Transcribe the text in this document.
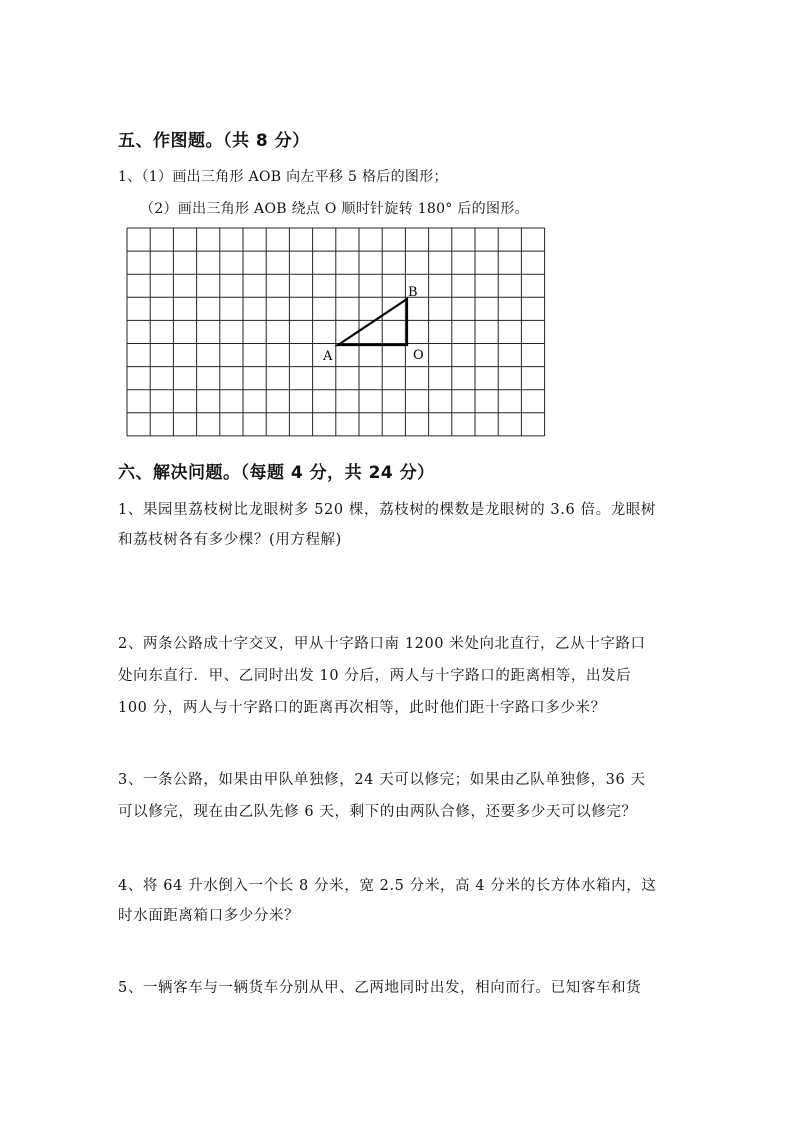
五、作图题。（共 8 分）
1、（1）画出三角形 AOB 向左平移 5 格后的图形；
（2）画出三角形 AOB 绕点 O 顺时针旋转 180° 后的图形。
A
B
O
六、解决问题。（每题 4 分，共 24 分）
1、果园里荔枝树比龙眼树多 520 棵，荔枝树的棵数是龙眼树的 3.6 倍。龙眼树
和荔枝树各有多少棵？(用方程解)
2、两条公路成十字交叉，甲从十字路口南 1200 米处向北直行，乙从十字路口
处向东直行．甲、乙同时出发 10 分后，两人与十字路口的距离相等，出发后
100 分，两人与十字路口的距离再次相等，此时他们距十字路口多少米？
3、一条公路，如果由甲队单独修，24 天可以修完；如果由乙队单独修，36 天
可以修完，现在由乙队先修 6 天，剩下的由两队合修，还要多少天可以修完？
4、将 64 升水倒入一个长 8 分米，宽 2.5 分米，高 4 分米的长方体水箱内，这
时水面距离箱口多少分米？
5、一辆客车与一辆货车分别从甲、乙两地同时出发，相向而行。已知客车和货
